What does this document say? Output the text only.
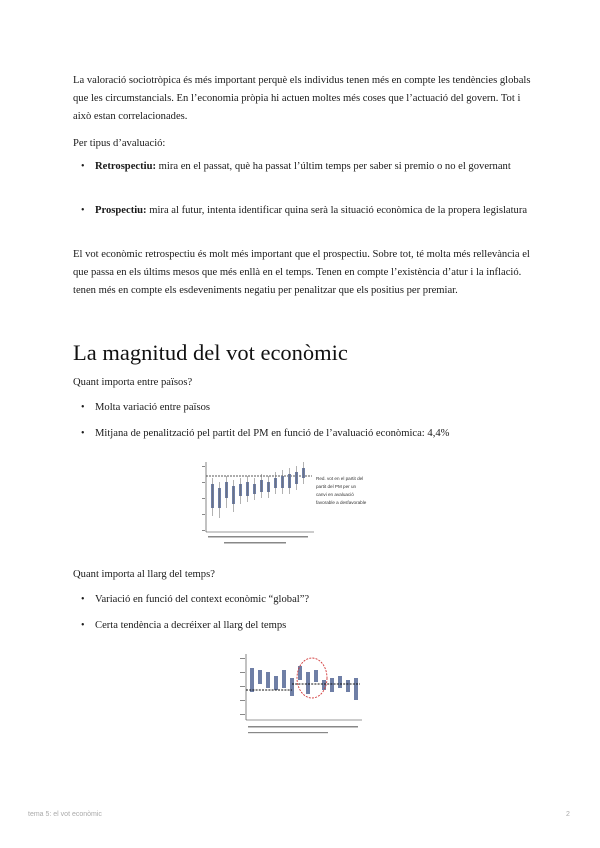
La valoració sociotròpica és més important perquè els individus tenen més en compte les tendències globals que les circumstancials. En l’economia pròpia hi actuen moltes més coses que l’actuació del govern. Tot i això estan correlacionades.

Per tipus d’avaluació:

• Retrospectiu: mira en el passat, què ha passat l’últim temps per saber si premio o no el governant
• Prospectiu: mira al futur, intenta identificar quina serà la situació econòmica de la propera legislatura

El vot econòmic retrospectiu és molt més important que el prospectiu. Sobre tot, té molta més rellevància el que passa en els últims mesos que més enllà en el temps. Tenen en compte l’existència d’atur i la inflació. tenen més en compte els esdeveniments negatiu per penalitzar que els positius per premiar.

La magnitud del vot econòmic

Quant importa entre països?

• Molta variació entre països
• Mitjana de penalització pel partit del PM en funció de l’avaluació econòmica: 4,4%
Red. vot en el partit del
partit del PM per un
canvi en avaluació
favorable a desfavorable

Quant importa al llarg del temps?

• Variació en funció del context econòmic “global”?
• Certa tendència a decréixer al llarg del temps
tema 5: el vot econòmic	2
